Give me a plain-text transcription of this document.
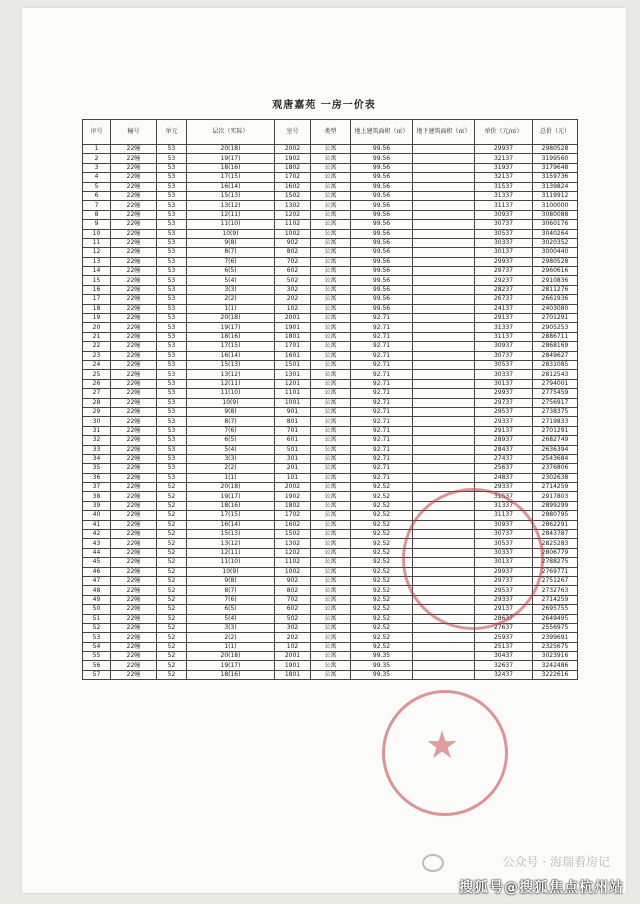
观唐嘉苑 一房一价表
序号	幢号	单元	层次（实际）	室号	类型	地上建筑面积（㎡）	地下建筑面积（㎡）	单价（元/㎡）	总价（元）
1	22幢	53	20(18)	2002	公寓	99.56		29937	2980528
2	22幢	53	19(17)	1902	公寓	99.56		32137	3199560
3	22幢	53	18(16)	1802	公寓	99.56		31937	3179648
4	22幢	53	17(15)	1702	公寓	99.56		32137	3159736
5	22幢	53	16(14)	1602	公寓	99.56		31537	3139824
6	22幢	53	15(13)	1502	公寓	99.56		31337	3119912
7	22幢	53	13(12)	1302	公寓	99.56		31137	3100000
8	22幢	53	12(11)	1202	公寓	99.56		30937	3080088
9	22幢	53	11(10)	1102	公寓	99.56		30737	3060176
10	22幢	53	10(9)	1002	公寓	99.56		30537	3040264
11	22幢	53	9(8)	902	公寓	99.56		30337	3020352
12	22幢	53	8(7)	802	公寓	99.56		30137	3000440
13	22幢	53	7(6)	702	公寓	99.56		29937	2980528
14	22幢	53	6(5)	602	公寓	99.56		29737	2960616
15	22幢	53	5(4)	502	公寓	99.56		29237	2910836
16	22幢	53	3(3)	302	公寓	99.56		28237	2811276
17	22幢	53	2(2)	202	公寓	99.56		26737	2661936
18	22幢	53	1(1)	102	公寓	99.56		24137	2403080
19	22幢	53	20(18)	2001	公寓	92.71		29137	2701291
20	22幢	53	19(17)	1901	公寓	92.71		31337	2905253
21	22幢	53	18(16)	1801	公寓	92.71		31137	2886711
22	22幢	53	17(15)	1701	公寓	92.71		30937	2868169
23	22幢	53	16(14)	1601	公寓	92.71		30737	2849627
24	22幢	53	15(13)	1501	公寓	92.71		30537	2831085
25	22幢	53	13(12)	1301	公寓	92.71		30337	2812543
26	22幢	53	12(11)	1201	公寓	92.71		30137	2794001
27	22幢	53	11(10)	1101	公寓	92.71		29937	2775459
28	22幢	53	10(9)	1001	公寓	92.71		29737	2756917
29	22幢	53	9(8)	901	公寓	92.71		29537	2738375
30	22幢	53	8(7)	801	公寓	92.71		29337	2719833
31	22幢	53	7(6)	701	公寓	92.71		29137	2701291
32	22幢	53	6(5)	601	公寓	92.71		28937	2682749
33	22幢	53	5(4)	501	公寓	92.71		28437	2636394
34	22幢	53	3(3)	301	公寓	92.71		27437	2543684
35	22幢	53	2(2)	201	公寓	92.71		25637	2376806
36	22幢	53	1(1)	101	公寓	92.71		24837	2302638
37	22幢	52	20(18)	2002	公寓	92.52		29337	2714259
38	22幢	52	19(17)	1902	公寓	92.52		31537	2917803
39	22幢	52	18(16)	1802	公寓	92.52		31337	2899299
40	22幢	52	17(15)	1702	公寓	92.52		31137	2880795
41	22幢	52	16(14)	1602	公寓	92.52		30937	2862291
42	22幢	52	15(13)	1502	公寓	92.52		30737	2843787
43	22幢	52	13(12)	1302	公寓	92.52		30537	2825283
44	22幢	52	12(11)	1202	公寓	92.52		30337	2806779
45	22幢	52	11(10)	1102	公寓	92.52		30137	2788275
46	22幢	52	10(9)	1002	公寓	92.52		29937	2769771
47	22幢	52	9(8)	902	公寓	92.52		29737	2751267
48	22幢	52	8(7)	802	公寓	92.52		29537	2732763
49	22幢	52	7(6)	702	公寓	92.52		29337	2714259
50	22幢	52	6(5)	602	公寓	92.52		29137	2695755
51	22幢	52	5(4)	502	公寓	92.52		28637	2649495
52	22幢	52	3(3)	302	公寓	92.52		27637	2556975
53	22幢	52	2(2)	202	公寓	92.52		25937	2399691
54	22幢	52	1(1)	102	公寓	92.52		25137	2325675
55	22幢	52	20(18)	2001	公寓	99.35		30437	3023916
56	22幢	52	19(17)	1901	公寓	99.35		32637	3242486
57	22幢	52	18(16)	1801	公寓	99.35		32437	3222616
★
公众号 · 海瑞看房记
搜狐号@搜狐焦点杭州站
